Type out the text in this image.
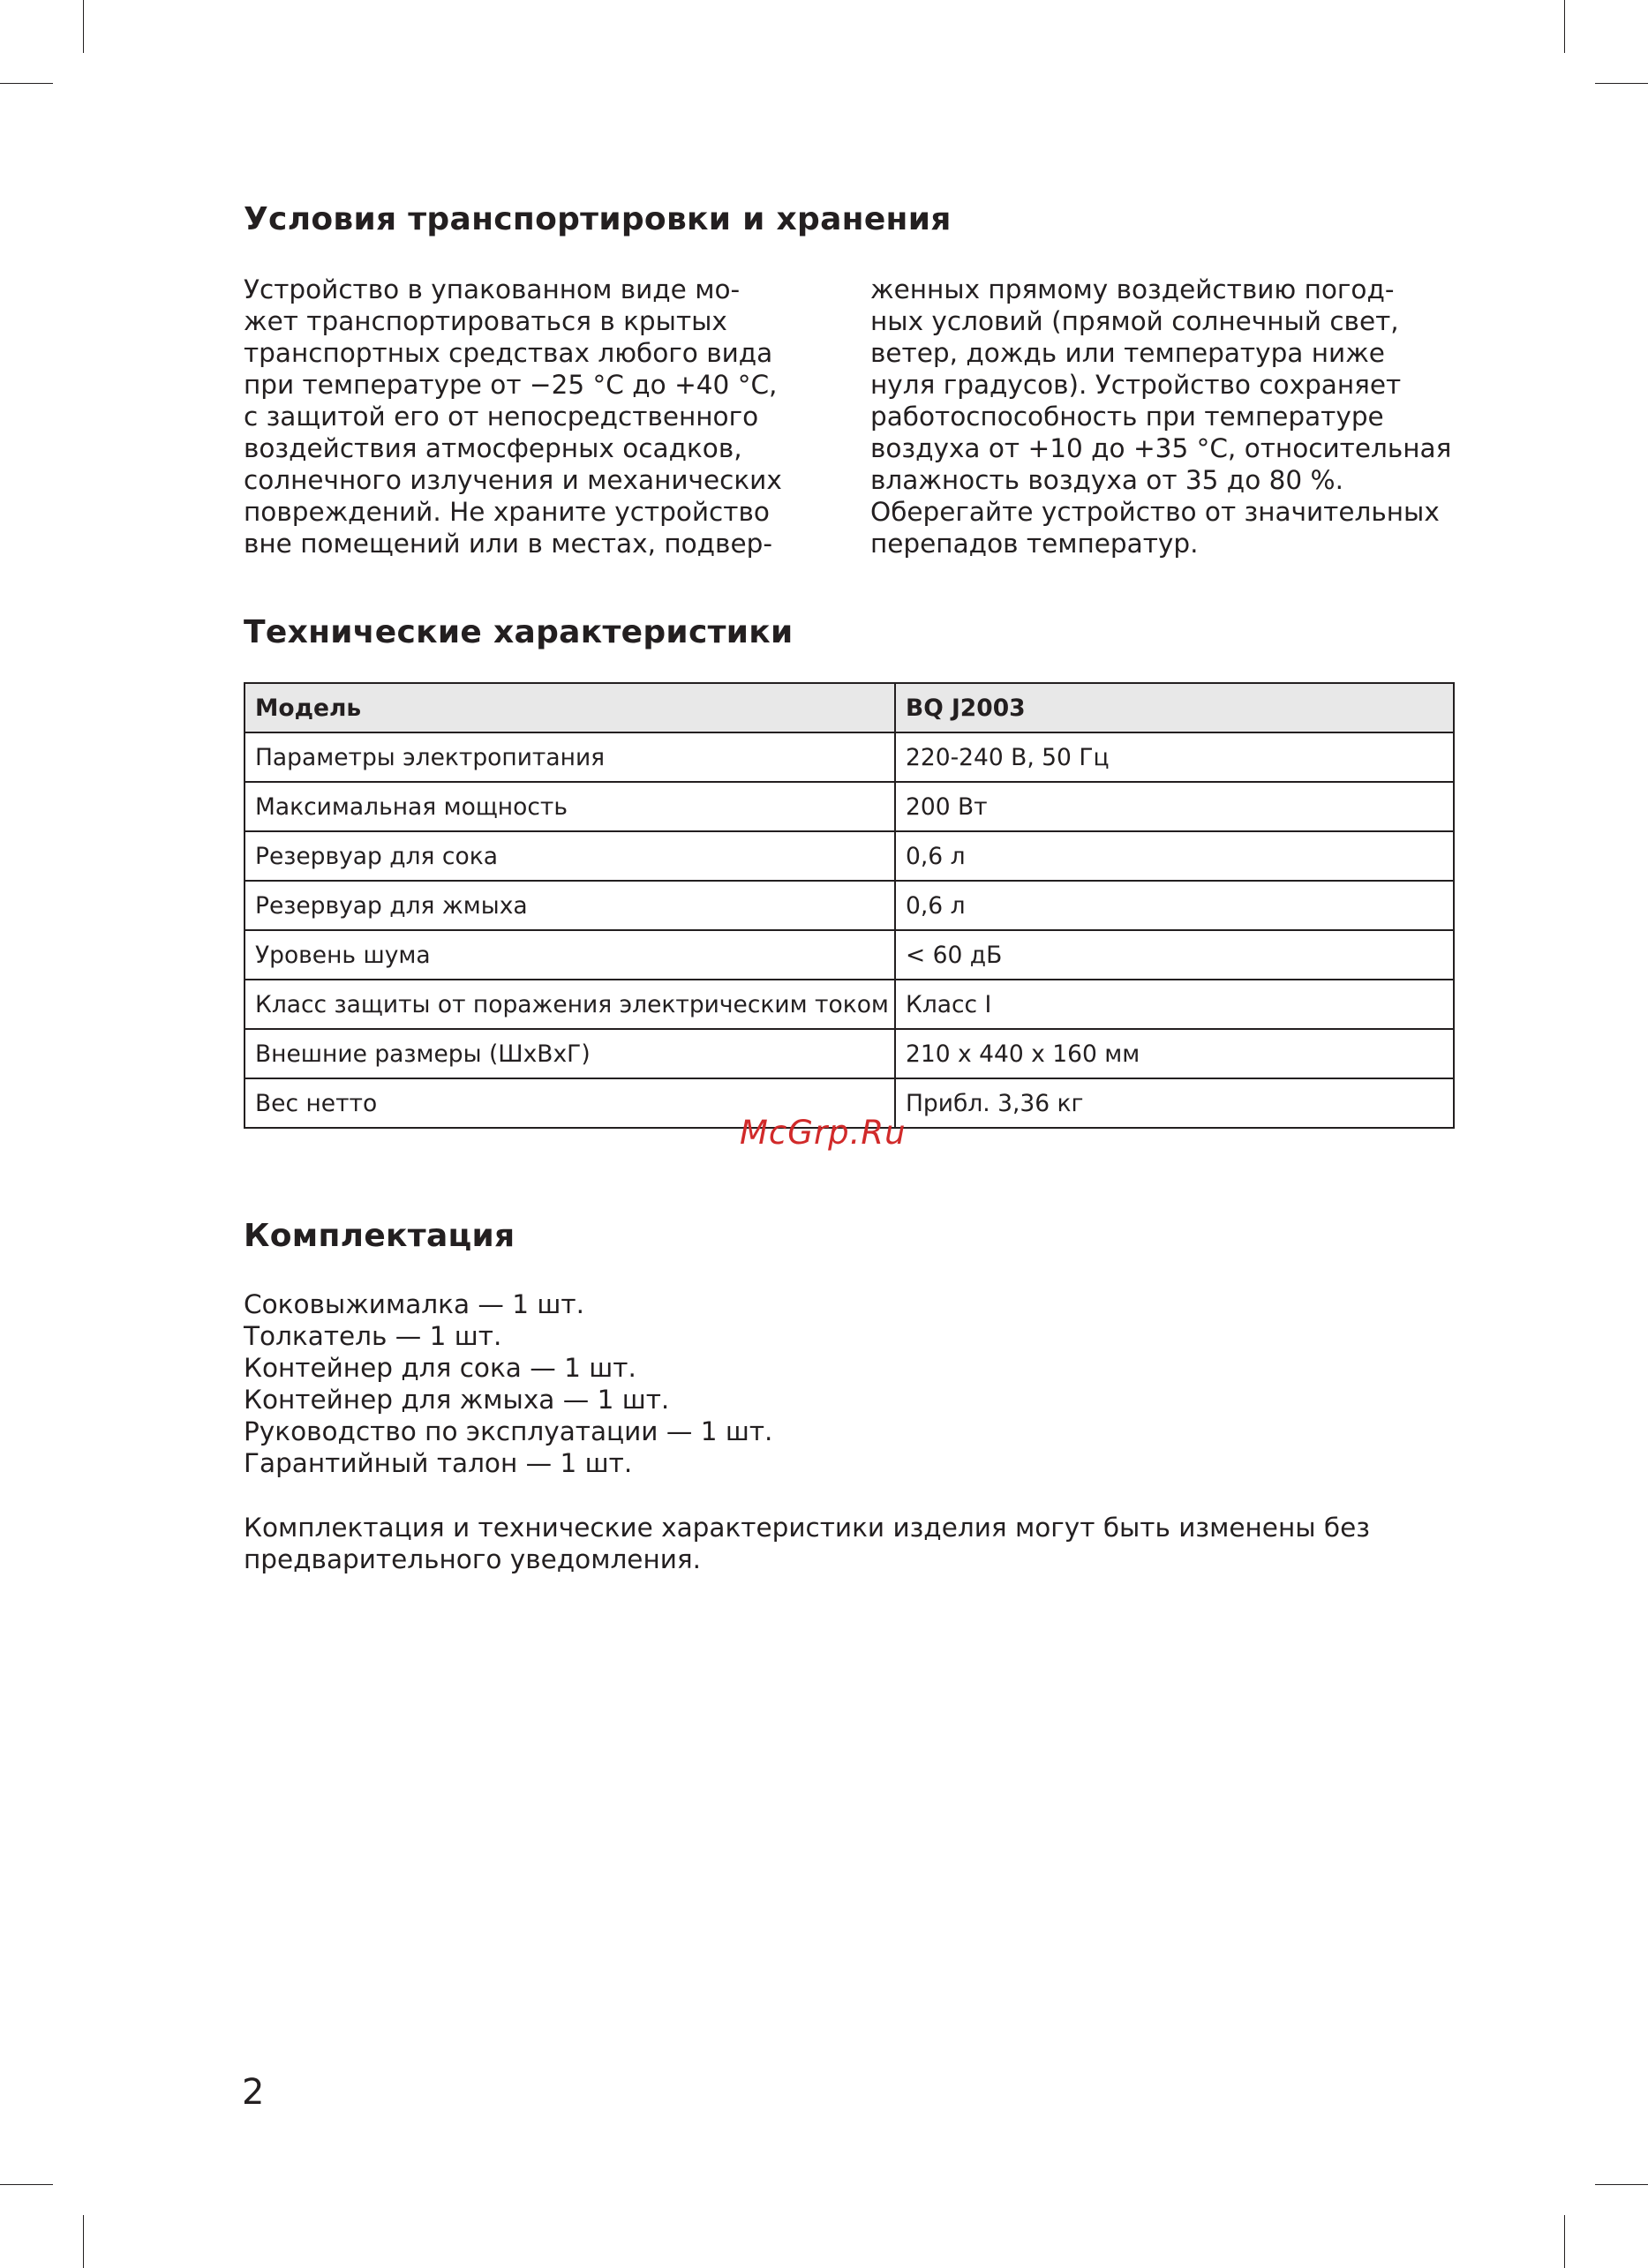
Условия транспортировки и хранения

Устройство в упакованном виде мо-
жет транспортироваться в крытых
транспортных средствах любого вида
при температуре от −25 °С до +40 °С,
с защитой его от непосредственного
воздействия атмосферных осадков,
солнечного излучения и механических
повреждений. Не храните устройство
вне помещений или в местах, подвер-

женных прямому воздействию погод-
ных условий (прямой солнечный свет,
ветер, дождь или температура ниже
нуля градусов). Устройство сохраняет
работоспособность при температуре
воздуха от +10 до +35 °С, относительная
влажность воздуха от 35 до 80 %.
Оберегайте устройство от значительных
перепадов температур.

Технические характеристики
Модель	BQ J2003
Параметры электропитания	220-240 В, 50 Гц
Максимальная мощность	200 Вт
Резервуар для сока	0,6 л
Резервуар для жмыха	0,6 л
Уровень шума	< 60 дБ
Класс защиты от поражения электрическим током	Класс I
Внешние размеры (ШхВхГ)	210 х 440 х 160 мм
Вес нетто	Прибл. 3,36 кг
McGrp.Ru
Комплектация
Соковыжималка — 1 шт.
Толкатель — 1 шт.
Контейнер для сока — 1 шт.
Контейнер для жмыха — 1 шт.
Руководство по эксплуатации — 1 шт.
Гарантийный талон — 1 шт.

Комплектация и технические характеристики изделия могут быть изменены без
предварительного уведомления.

2
